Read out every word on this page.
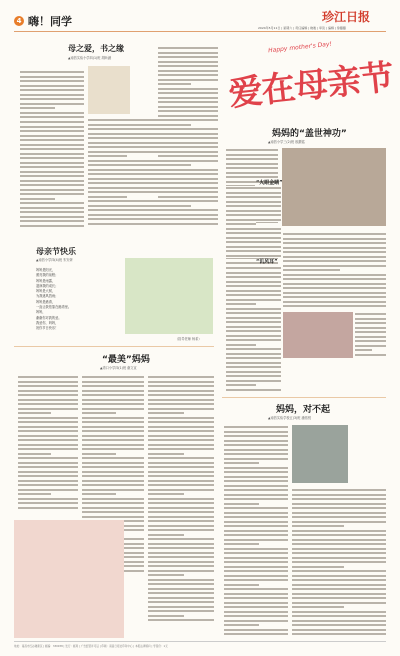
4 嗨！同学	珍江日报
2024年5月11日 | 星期六 | 责任编辑 | 晓骏 | 审读 | 编辑 | 徐璐璐
母之爱，书之缘
▲南昌实验小学四(1)班 胡昕涵
母亲节快乐
▲南昌小学四(4)班 朱安妍
妈妈是阳光，
照亮我的前程；
妈妈是雨露，
滋润我的成长；
妈妈是大树，
为我遮风挡雨；
妈妈是港湾，
一直让我依靠在港湾里。
妈妈，
谢谢你对我的爱。
我爱你，妈妈，
祝你节日快乐！
（指导老师 杨希）
“最美”妈妈
▲湾口小学四(1)班 谢文宣
Happy mother's Day!
爱在母亲节
妈妈的“盖世神功”
▲南昌小学三(2)班 欧灏铭
“火眼金睛”
“讥风耳”
妈妈，对不起
▲南昌实验学校五(3)班 潘恬悦
地址：南昌市红谷滩新区 | 邮编：330038 | 发行：邮局 | 广告经营许可证 | 印刷：南昌日报社印务中心 | 本报法律顾问 | 零售价：1元
